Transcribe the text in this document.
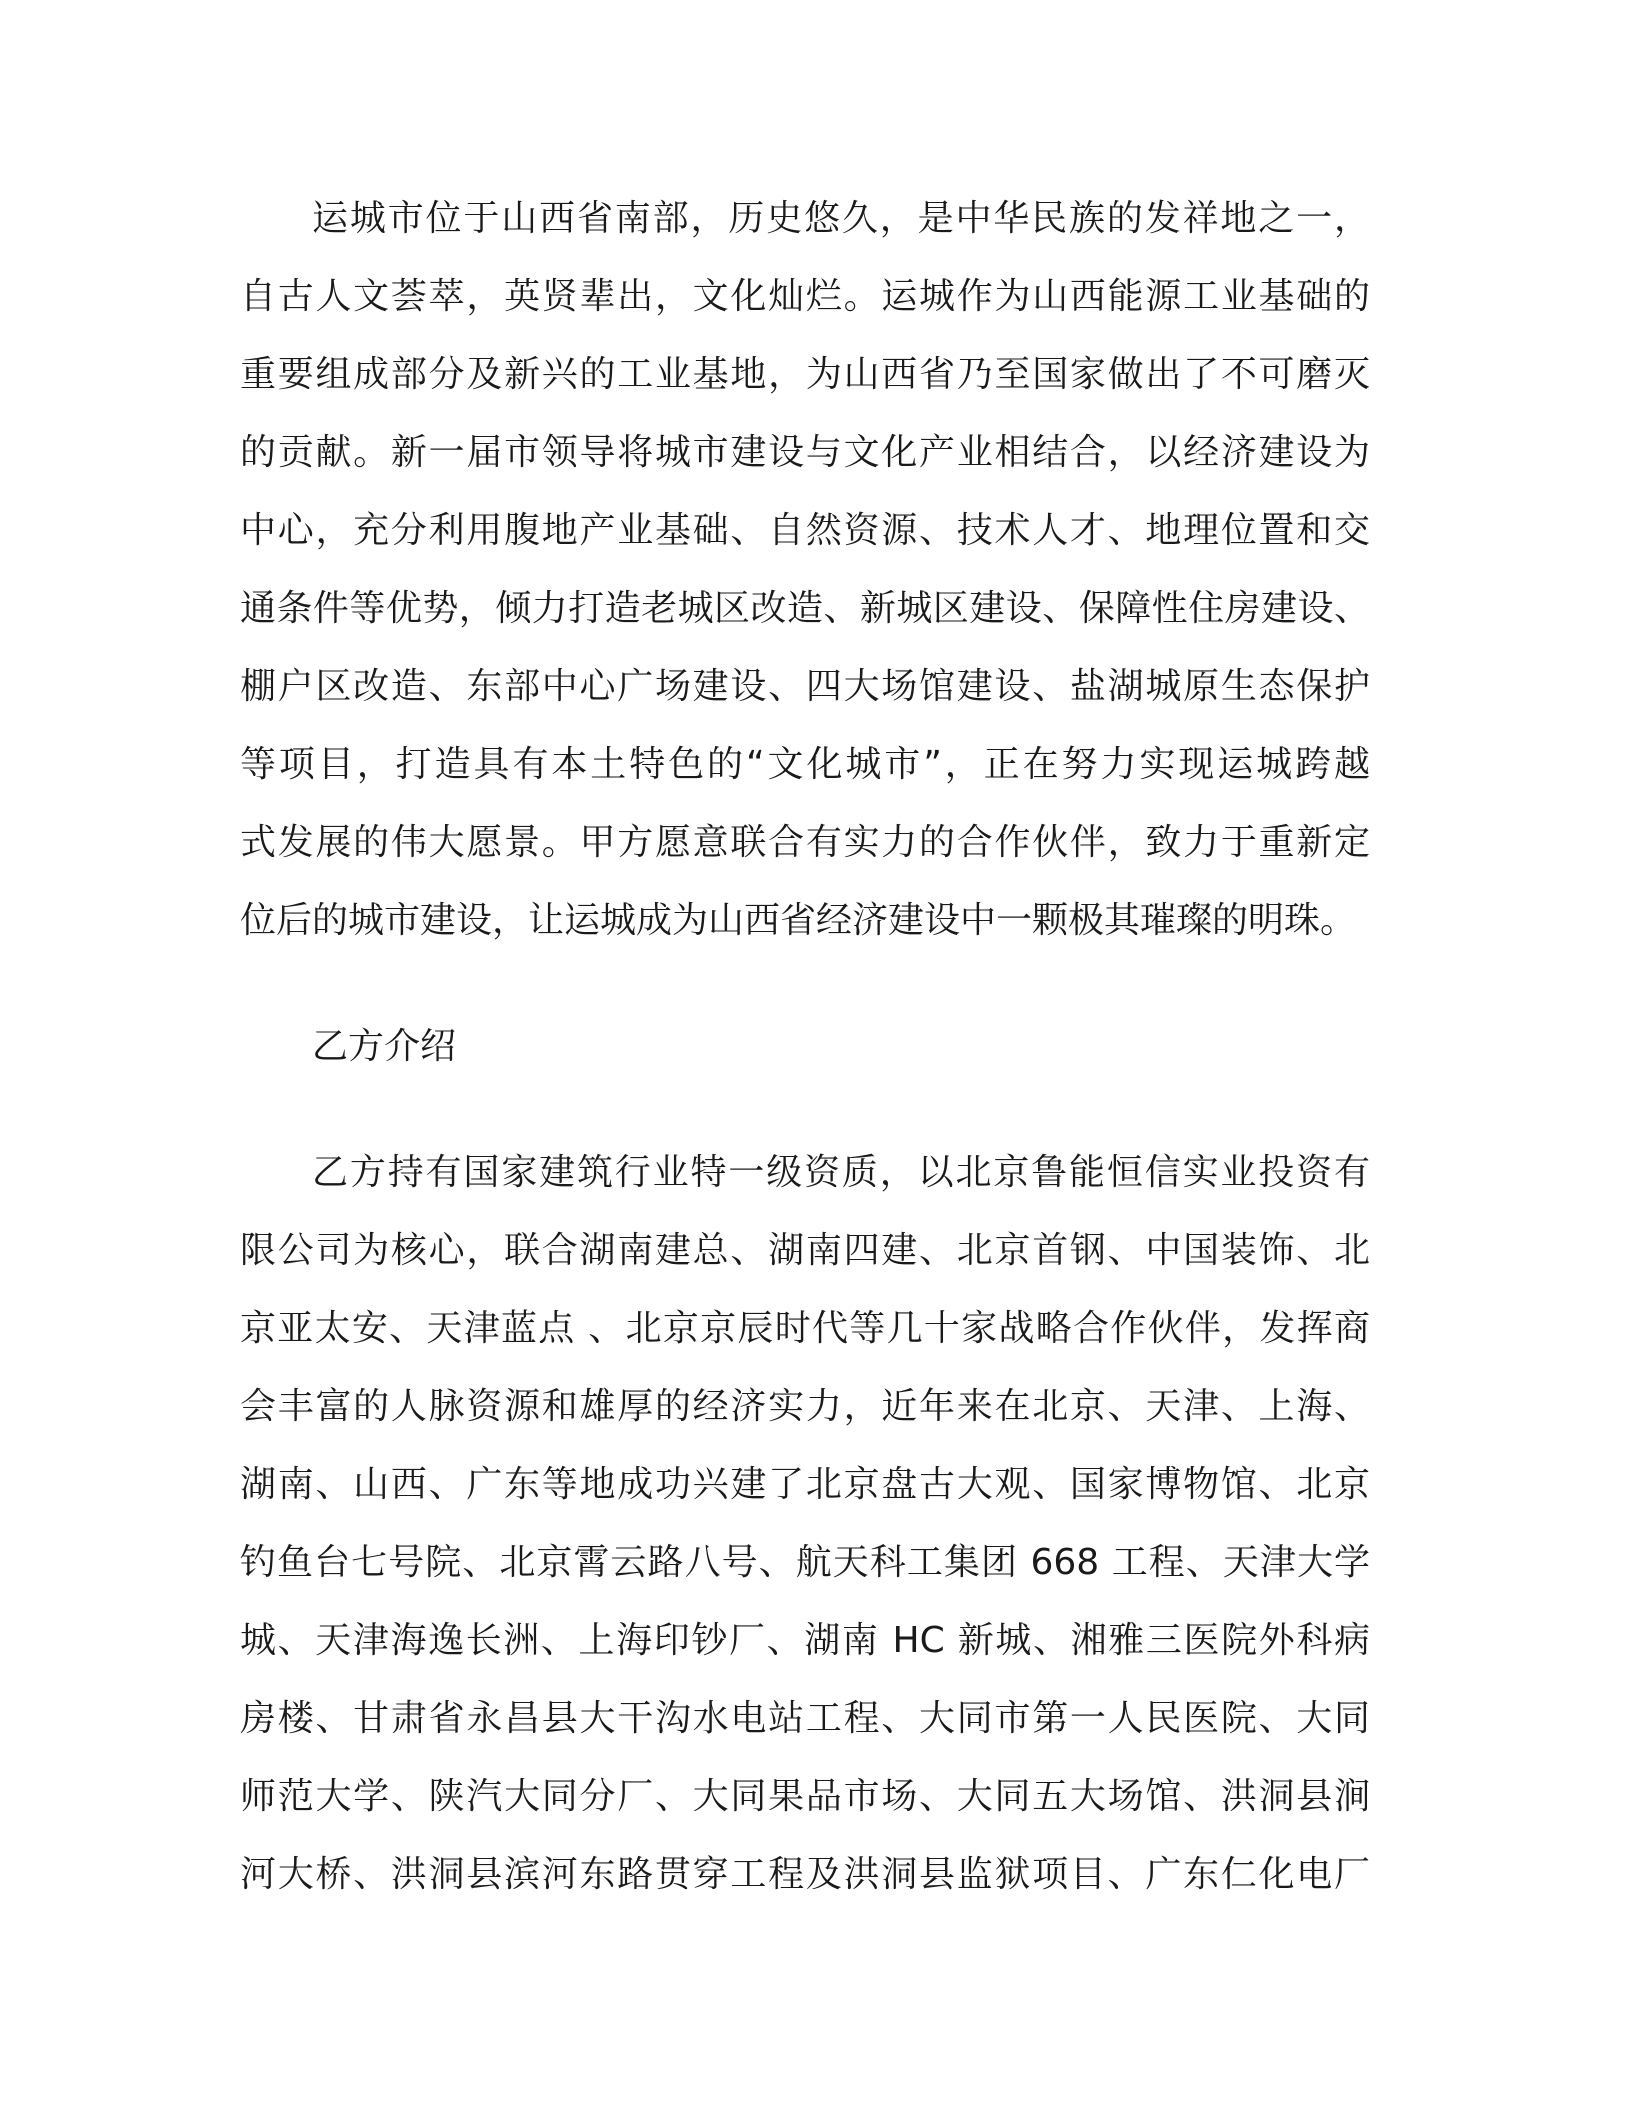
运城市位于山西省南部，历史悠久，是中华民族的发祥地之一，
自古人文荟萃，英贤辈出，文化灿烂。运城作为山西能源工业基础的
重要组成部分及新兴的工业基地，为山西省乃至国家做出了不可磨灭
的贡献。新一届市领导将城市建设与文化产业相结合，以经济建设为
中心，充分利用腹地产业基础、自然资源、技术人才、地理位置和交
通条件等优势，倾力打造老城区改造、新城区建设、保障性住房建设、
棚户区改造、东部中心广场建设、四大场馆建设、盐湖城原生态保护
等项目，打造具有本土特色的“文化城市”，正在努力实现运城跨越
式发展的伟大愿景。甲方愿意联合有实力的合作伙伴，致力于重新定
位后的城市建设，让运城成为山西省经济建设中一颗极其璀璨的明珠。
乙方介绍
乙方持有国家建筑行业特一级资质，以北京鲁能恒信实业投资有
限公司为核心，联合湖南建总、湖南四建、北京首钢、中国装饰、北
京亚太安、天津蓝点 、北京京辰时代等几十家战略合作伙伴，发挥商
会丰富的人脉资源和雄厚的经济实力，近年来在北京、天津、上海、
湖南、山西、广东等地成功兴建了北京盘古大观、国家博物馆、北京
钓鱼台七号院、北京霄云路八号、航天科工集团 668 工程、天津大学
城、天津海逸长洲、上海印钞厂、湖南 HC 新城、湘雅三医院外科病
房楼、甘肃省永昌县大干沟水电站工程、大同市第一人民医院、大同
师范大学、陕汽大同分厂、大同果品市场、大同五大场馆、洪洞县涧
河大桥、洪洞县滨河东路贯穿工程及洪洞县监狱项目、广东仁化电厂
